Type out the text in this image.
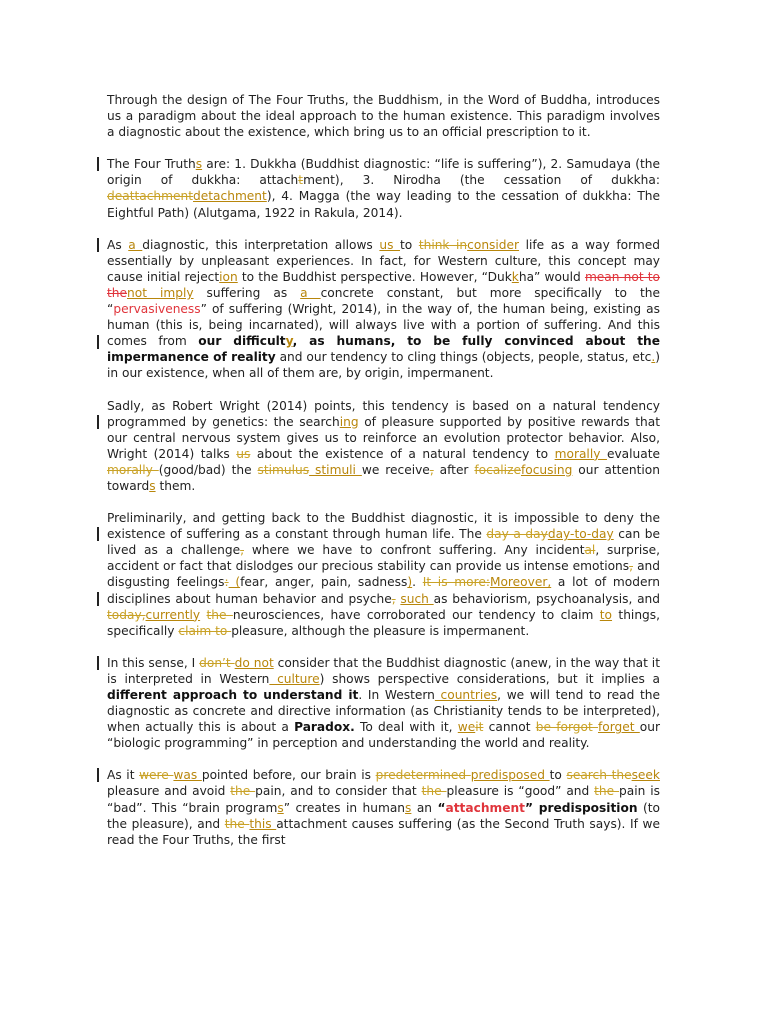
Through the design of The Four Truths, the Buddhism, in the Word of Buddha, introduces us a paradigm about the ideal approach to the human existence. This paradigm involves a diagnostic about the existence, which bring us to an official prescription to it.

The Four Truths are: 1. Dukkha (Buddhist diagnostic: “life is suffering”), 2. Samudaya (the origin of dukkha: attachtment), 3. Nirodha (the cessation of dukkha: deattachmentdetachment), 4. Magga (the way leading to the cessation of dukkha: The Eightful Path) (Alutgama, 1922 in Rakula, 2014).

As a diagnostic, this interpretation allows us to think inconsider life as a way formed essentially by unpleasant experiences. In fact, for Western culture, this concept may cause initial rejection to the Buddhist perspective. However, “Dukkha” would mean not to thenot imply suffering as a concrete constant, but more specifically to the “pervasiveness” of suffering (Wright, 2014), in the way of, the human being, existing as human (this is, being incarnated), will always live with a portion of suffering. And this comes from our difficulty, as humans, to be fully convinced about the impermanence of reality and our tendency to cling things (objects, people, status, etc.) in our existence, when all of them are, by origin, impermanent.

Sadly, as Robert Wright (2014) points, this tendency is based on a natural tendency programmed by genetics: the searching of pleasure supported by positive rewards that our central nervous system gives us to reinforce an evolution protector behavior. Also, Wright (2014) talks us about the existence of a natural tendency to morally evaluate morally (good/bad) the stimulus stimuli we receive, after focalizefocusing our attention towards them.

Preliminarily, and getting back to the Buddhist diagnostic, it is impossible to deny the existence of suffering as a constant through human life. The day a dayday-to-day can be lived as a challenge, where we have to confront suffering. Any incidental, surprise, accident or fact that dislodges our precious stability can provide us intense emotions, and disgusting feelings: (fear, anger, pain, sadness). It is more:Moreover, a lot of modern disciplines about human behavior and psyche, such as behaviorism, psychoanalysis, and today,currently the neurosciences, have corroborated our tendency to claim to things, specifically claim to pleasure, although the pleasure is impermanent.

In this sense, I don’t do not consider that the Buddhist diagnostic (anew, in the way that it is interpreted in Western culture) shows perspective considerations, but it implies a different approach to understand it. In Western countries, we will tend to read the diagnostic as concrete and directive information (as Christianity tends to be interpreted), when actually this is about a Paradox. To deal with it, weit cannot be forgot forget our “biologic programming” in perception and understanding the world and reality.

As it were was pointed before, our brain is predetermined predisposed to search theseek pleasure and avoid the pain, and to consider that the pleasure is “good” and the pain is “bad”. This “brain programs” creates in humans an “attachment” predisposition (to the pleasure), and the this attachment causes suffering (as the Second Truth says). If we read the Four Truths, the first
